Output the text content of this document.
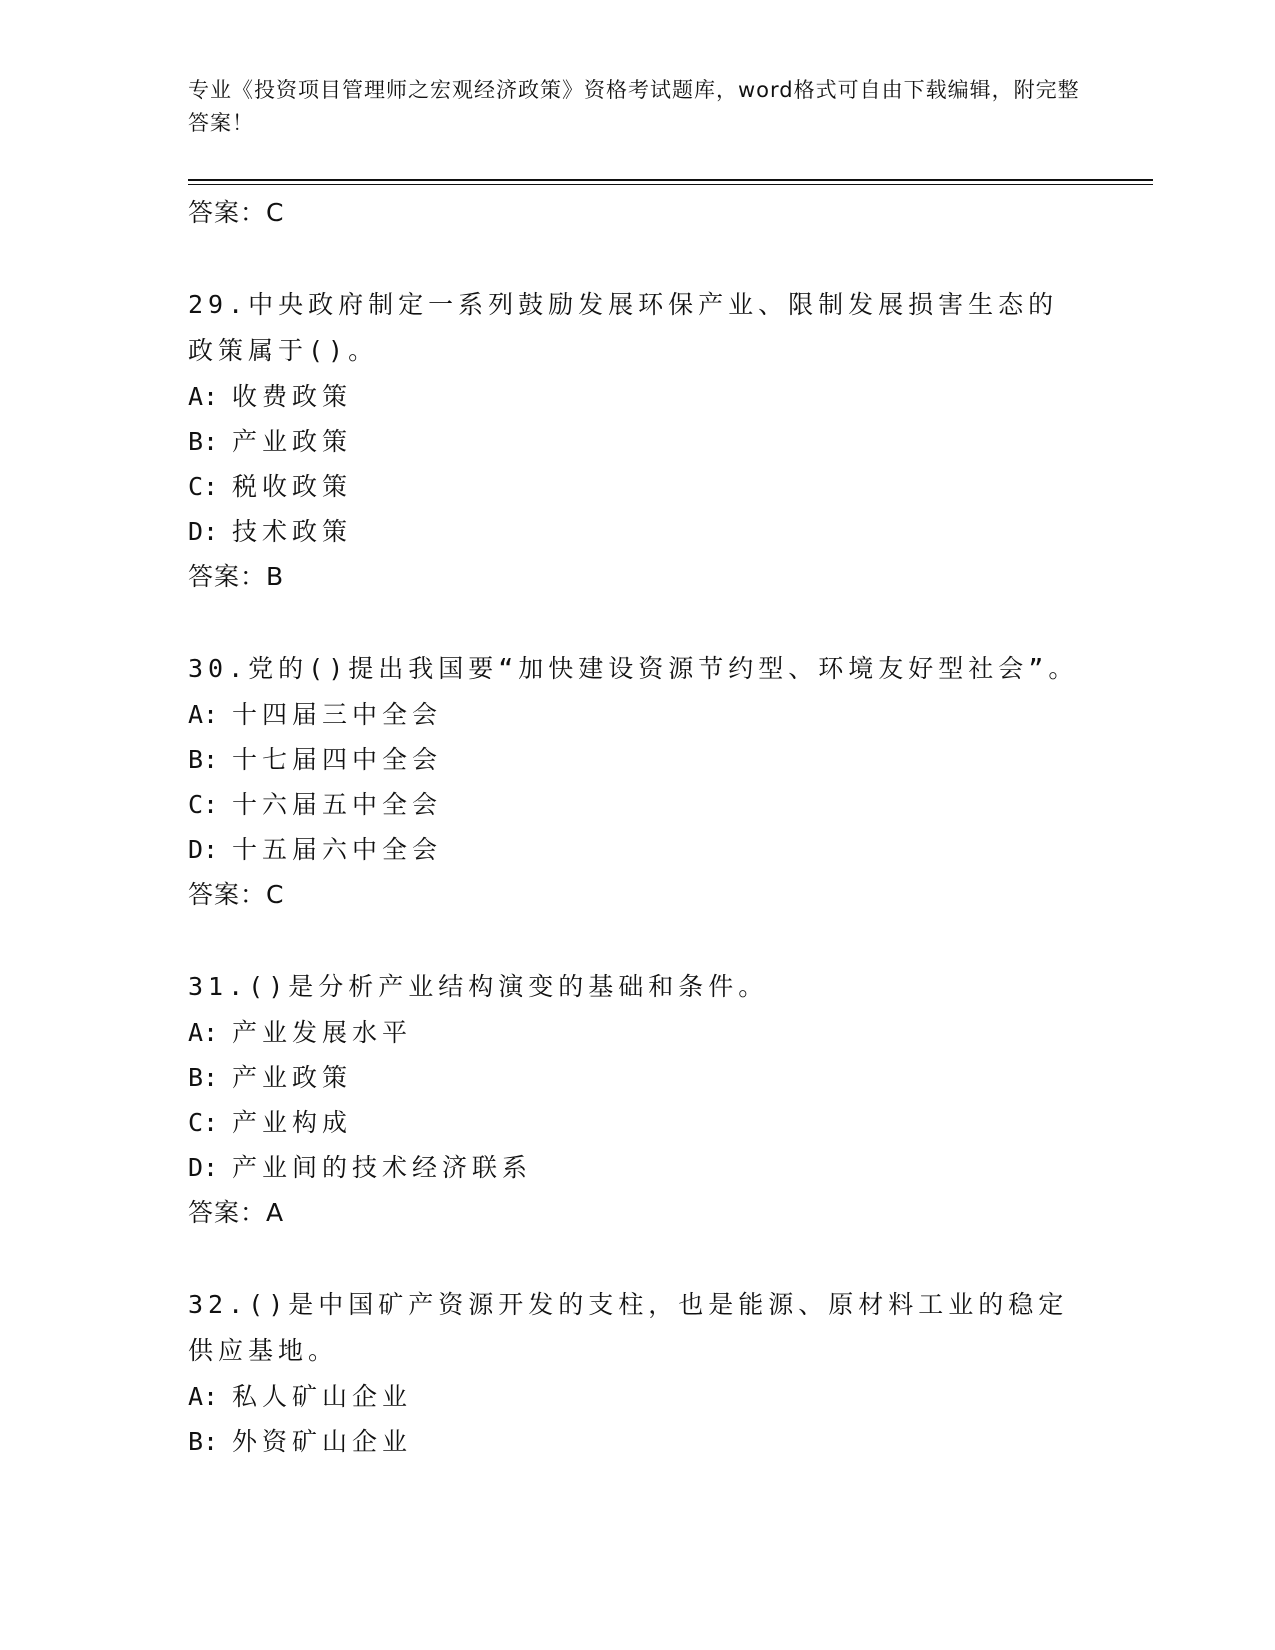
专业《投资项目管理师之宏观经济政策》资格考试题库，word格式可自由下载编辑，附完整答案！
答案：C
29.中央政府制定一系列鼓励发展环保产业、限制发展损害生态的政策属于()。
A: 收费政策
B: 产业政策
C: 税收政策
D: 技术政策
答案：B
30.党的()提出我国要“加快建设资源节约型、环境友好型社会”。
A: 十四届三中全会
B: 十七届四中全会
C: 十六届五中全会
D: 十五届六中全会
答案：C
31.()是分析产业结构演变的基础和条件。
A: 产业发展水平
B: 产业政策
C: 产业构成
D: 产业间的技术经济联系
答案：A
32.()是中国矿产资源开发的支柱，也是能源、原材料工业的稳定供应基地。
A: 私人矿山企业
B: 外资矿山企业
